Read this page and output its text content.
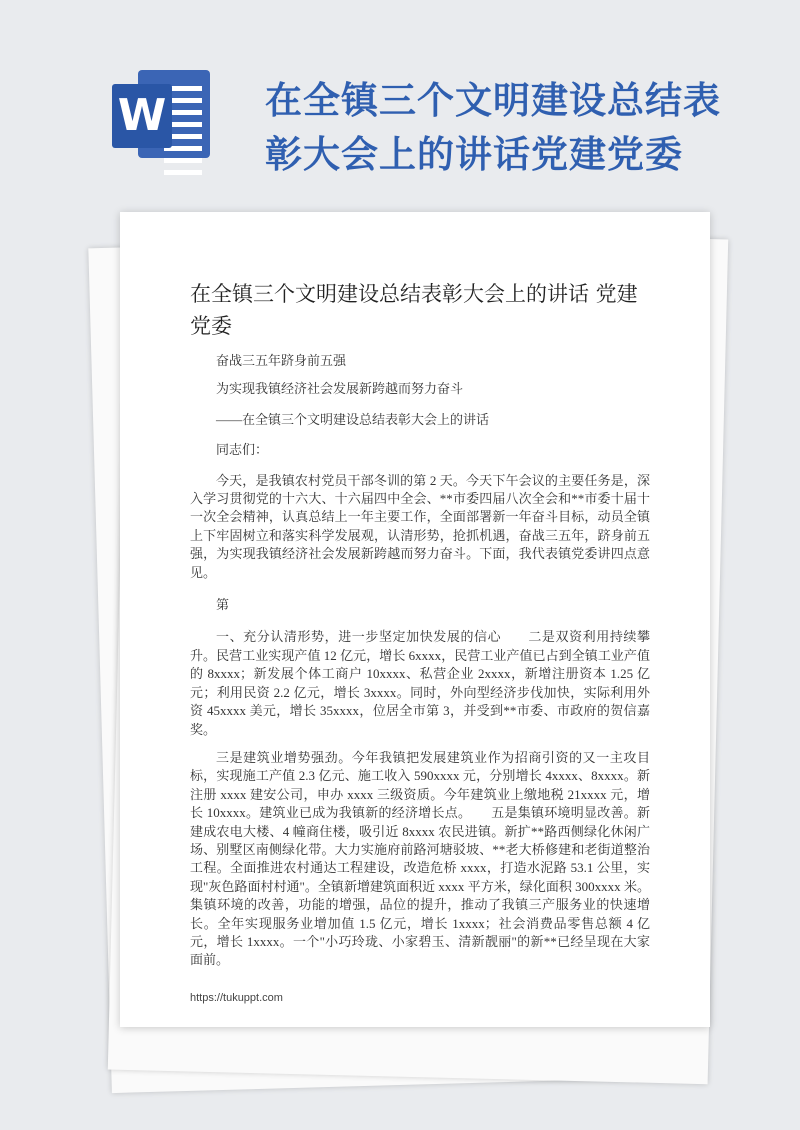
W	在全镇三个文明建设总结表彰大会上的讲话党建党委
在全镇三个文明建设总结表彰大会上的讲话 党建党委

奋战三五年跻身前五强

为实现我镇经济社会发展新跨越而努力奋斗

——在全镇三个文明建设总结表彰大会上的讲话

同志们：

今天，是我镇农村党员干部冬训的第 2 天。今天下午会议的主要任务是，深入学习贯彻党的十六大、十六届四中全会、**市委四届八次全会和**市委十届十一次全会精神，认真总结上一年主要工作，全面部署新一年奋斗目标，动员全镇上下牢固树立和落实科学发展观，认清形势，抢抓机遇，奋战三五年，跻身前五强，为实现我镇经济社会发展新跨越而努力奋斗。下面，我代表镇党委讲四点意见。

第

一、充分认清形势，进一步坚定加快发展的信心　　二是双资利用持续攀升。民营工业实现产值 12 亿元，增长 6xxxx，民营工业产值已占到全镇工业产值的 8xxxx；新发展个体工商户 10xxxx、私营企业 2xxxx，新增注册资本 1.25 亿元；利用民资 2.2 亿元，增长 3xxxx。同时，外向型经济步伐加快，实际利用外资 45xxxx 美元，增长 35xxxx，位居全市第 3，并受到**市委、市政府的贺信嘉奖。

三是建筑业增势强劲。今年我镇把发展建筑业作为招商引资的又一主攻目标，实现施工产值 2.3 亿元、施工收入 590xxxx 元，分别增长 4xxxx、8xxxx。新注册 xxxx 建安公司，申办 xxxx 三级资质。今年建筑业上缴地税 21xxxx 元，增长 10xxxx。建筑业已成为我镇新的经济增长点。　　五是集镇环境明显改善。新建成农电大楼、4 幢商住楼，吸引近 8xxxx 农民进镇。新扩**路西侧绿化休闲广场、别墅区南侧绿化带。大力实施府前路河塘驳坡、**老大桥修建和老街道整治工程。全面推进农村通达工程建设，改造危桥 xxxx，打造水泥路 53.1 公里，实现"灰色路面村村通"。全镇新增建筑面积近 xxxx 平方米，绿化面积 300xxxx 米。集镇环境的改善，功能的增强，品位的提升，推动了我镇三产服务业的快速增长。全年实现服务业增加值 1.5 亿元，增长 1xxxx；社会消费品零售总额 4 亿元，增长 1xxxx。一个"小巧玲珑、小家碧玉、清新靓丽"的新**已经呈现在大家面前。

https://tukuppt.com
